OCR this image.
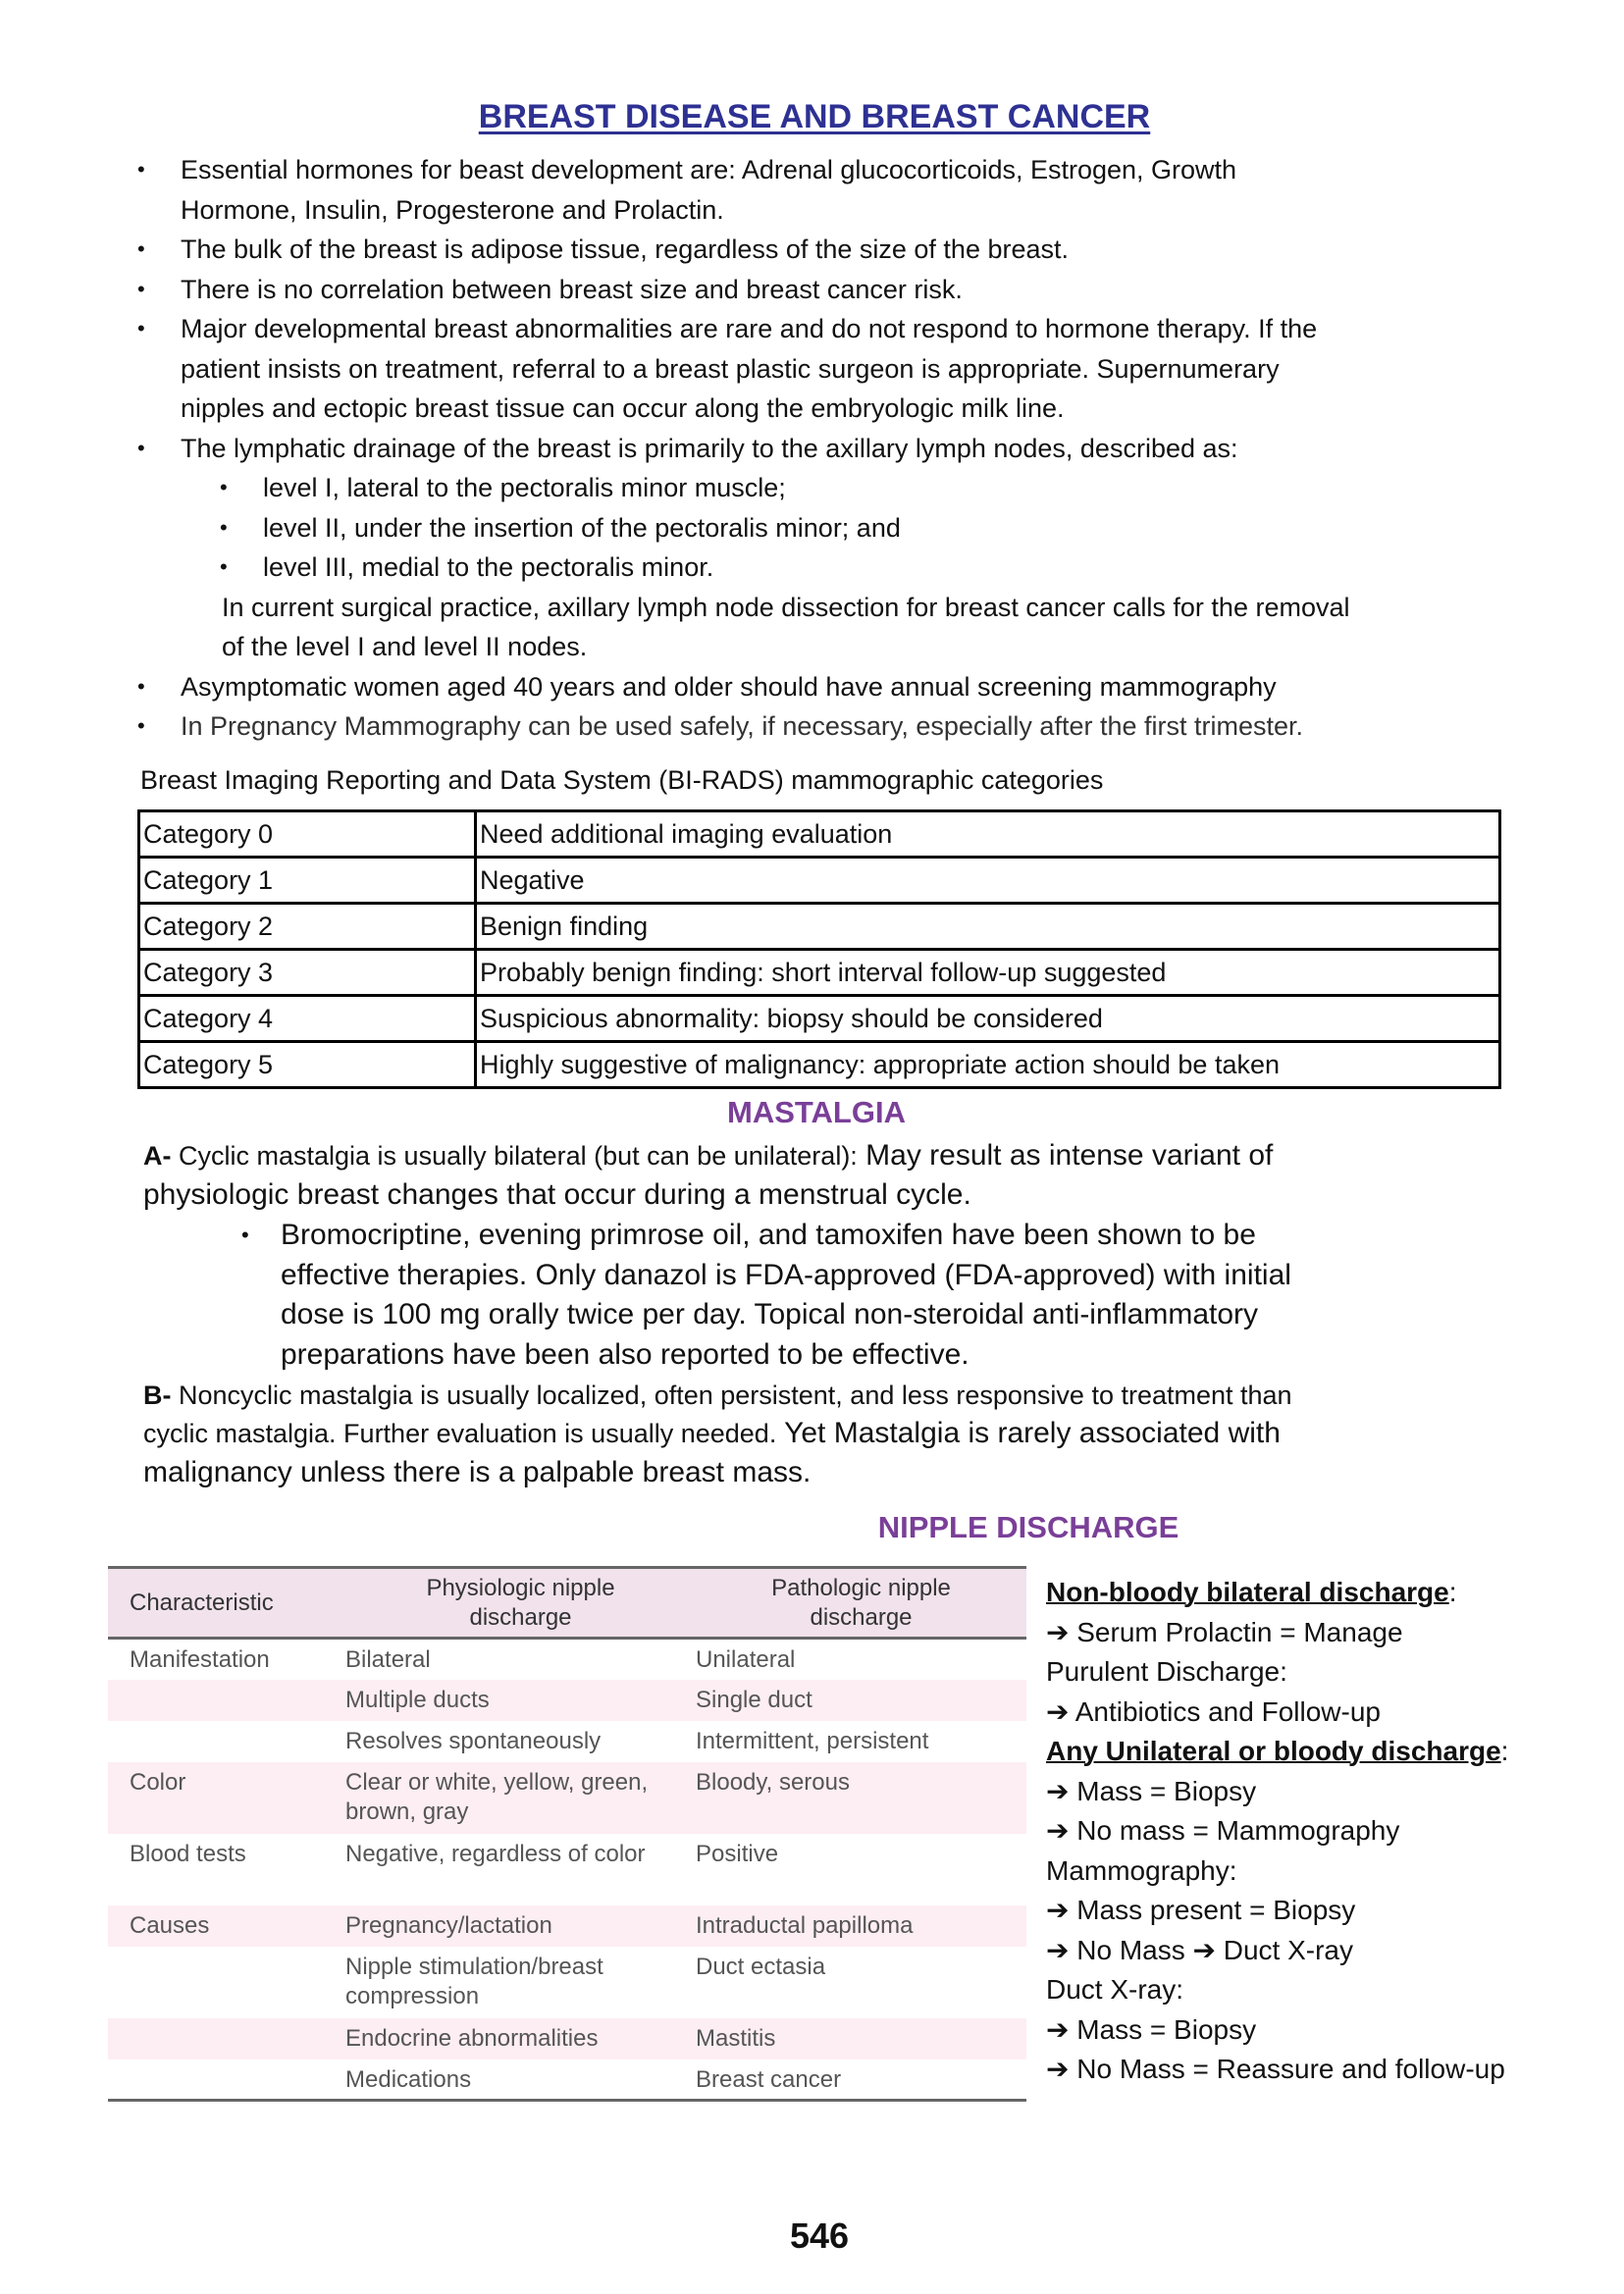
BREAST DISEASE AND BREAST CANCER
• Essential hormones for beast development are: Adrenal glucocorticoids, Estrogen, Growth
Hormone, Insulin, Progesterone and Prolactin.
• The bulk of the breast is adipose tissue, regardless of the size of the breast.
• There is no correlation between breast size and breast cancer risk.
• Major developmental breast abnormalities are rare and do not respond to hormone therapy. If the
patient insists on treatment, referral to a breast plastic surgeon is appropriate. Supernumerary
nipples and ectopic breast tissue can occur along the embryologic milk line.
• The lymphatic drainage of the breast is primarily to the axillary lymph nodes, described as:
• level I, lateral to the pectoralis minor muscle;
• level II, under the insertion of the pectoralis minor; and
• level III, medial to the pectoralis minor.
In current surgical practice, axillary lymph node dissection for breast cancer calls for the removal
of the level I and level II nodes.
• Asymptomatic women aged 40 years and older should have annual screening mammography
• In Pregnancy Mammography can be used safely, if necessary, especially after the first trimester.
Breast Imaging Reporting and Data System (BI-RADS) mammographic categories
Category 0	Need additional imaging evaluation
Category 1	Negative
Category 2	Benign finding
Category 3	Probably benign finding: short interval follow-up suggested
Category 4	Suspicious abnormality: biopsy should be considered
Category 5	Highly suggestive of malignancy: appropriate action should be taken
MASTALGIA
A- Cyclic mastalgia is usually bilateral (but can be unilateral): May result as intense variant of
physiologic breast changes that occur during a menstrual cycle.
• Bromocriptine, evening primrose oil, and tamoxifen have been shown to be
effective therapies. Only danazol is FDA-approved (FDA-approved) with initial
dose is 100 mg orally twice per day. Topical non-steroidal anti-inflammatory
preparations have been also reported to be effective.
B- Noncyclic mastalgia is usually localized, often persistent, and less responsive to treatment than
cyclic mastalgia. Further evaluation is usually needed. Yet Mastalgia is rarely associated with
malignancy unless there is a palpable breast mass.
NIPPLE DISCHARGE
Characteristic	Physiologic nipple discharge	Pathologic nipple discharge
Manifestation	Bilateral	Unilateral
	Multiple ducts	Single duct
	Resolves spontaneously	Intermittent, persistent
Color	Clear or white, yellow, green, brown, gray	Bloody, serous
Blood tests	Negative, regardless of color	Positive
Causes	Pregnancy/lactation	Intraductal papilloma
	Nipple stimulation/breast compression	Duct ectasia
	Endocrine abnormalities	Mastitis
	Medications	Breast cancer
Non-bloody bilateral discharge:
➔ Serum Prolactin = Manage
Purulent Discharge:
➔ Antibiotics and Follow-up
Any Unilateral or bloody discharge:
➔ Mass = Biopsy
➔ No mass = Mammography
Mammography:
➔ Mass present = Biopsy
➔ No Mass ➔ Duct X-ray
Duct X-ray:
➔ Mass = Biopsy
➔ No Mass = Reassure and follow-up
546
